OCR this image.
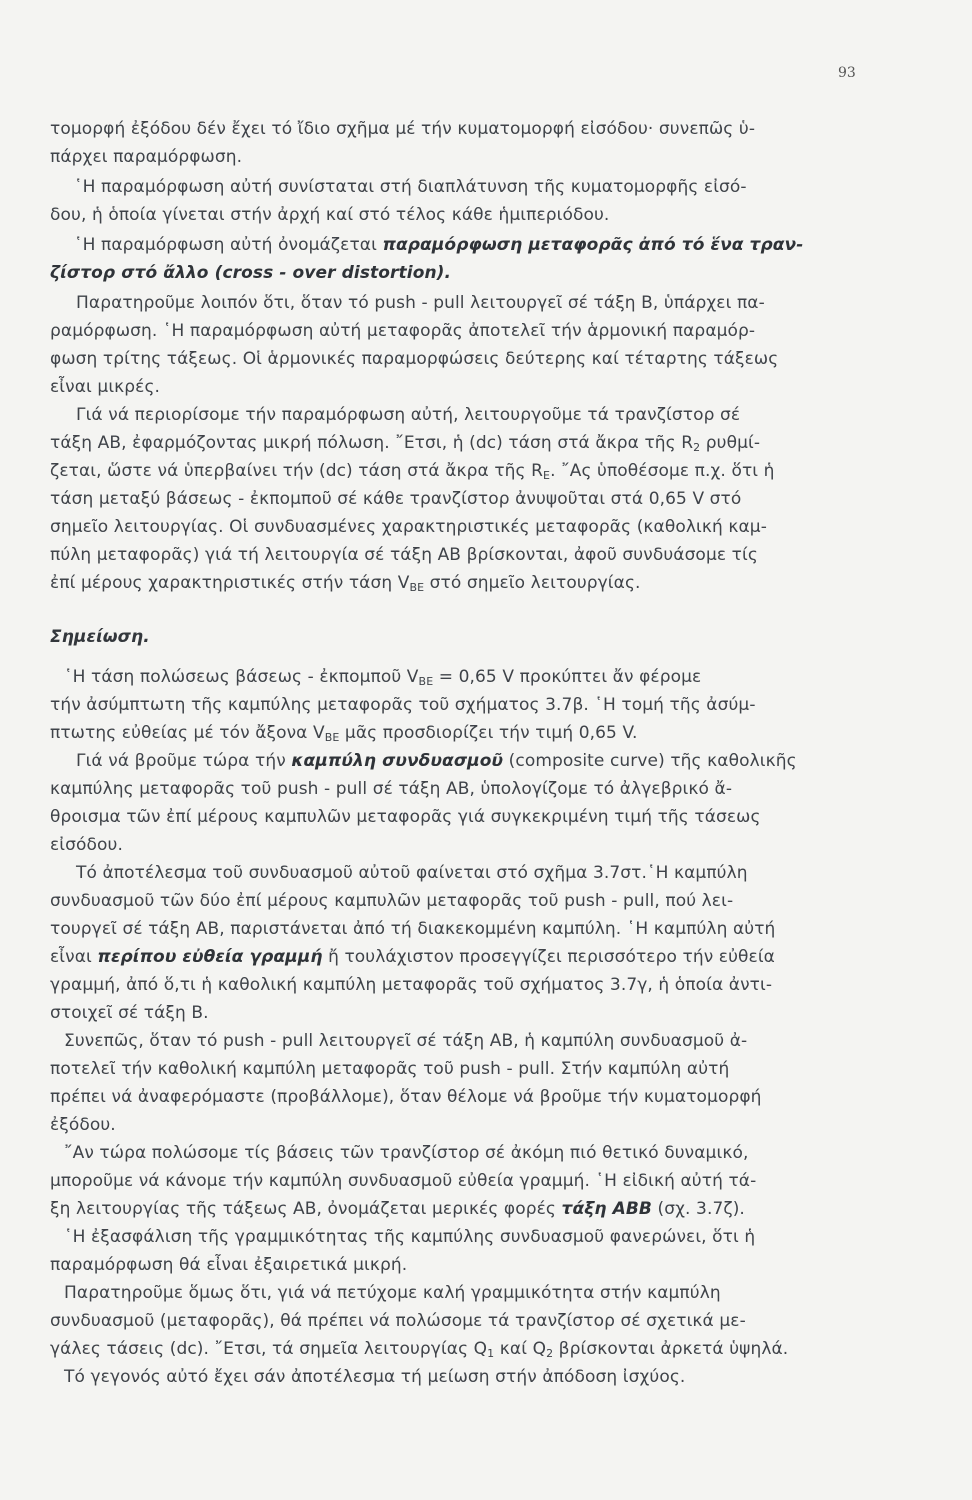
93

τομορφή ἐξόδου δέν ἔχει τό ἴδιο σχῆμα μέ τήν κυματομορφή εἰσόδου· συνεπῶς ὑ-

πάρχει παραμόρφωση.

῾Η παραμόρφωση αὐτή συνίσταται στή διαπλάτυνση τῆς κυματομορφῆς εἰσό-

δου, ἡ ὁποία γίνεται στήν ἀρχή καί στό τέλος κάθε ἡμιπεριόδου.

῾Η παραμόρφωση αὐτή ὀνομάζεται παραμόρφωση μεταφορᾶς ἀπό τό ἕνα τραν-

ζίστορ στό ἄλλο (cross - over distortion).

Παρατηροῦμε λοιπόν ὅτι, ὅταν τό push - pull λειτουργεῖ σέ τάξη Β, ὑπάρχει πα-

ραμόρφωση. ῾Η παραμόρφωση αὐτή μεταφορᾶς ἀποτελεῖ τήν ἁρμονική παραμόρ-

φωση τρίτης τάξεως. Οἱ ἁρμονικές παραμορφώσεις δεύτερης καί τέταρτης τάξεως

εἶναι μικρές.

Γιά νά περιορίσομε τήν παραμόρφωση αὐτή, λειτουργοῦμε τά τρανζίστορ σέ

τάξη ΑΒ, ἐφαρμόζοντας μικρή πόλωση. ῎Ετσι, ἡ (dc) τάση στά ἄκρα τῆς $R_2$ ρυθμί-

ζεται, ὥστε νά ὑπερβαίνει τήν (dc) τάση στά ἄκρα τῆς $R_E$. ῎Ας ὑποθέσομε π.χ. ὅτι ἡ

τάση μεταξύ βάσεως - ἐκπομποῦ σέ κάθε τρανζίστορ ἀνυψοῦται στά 0,65 V στό

σημεῖο λειτουργίας. Οἱ συνδυασμένες χαρακτηριστικές μεταφορᾶς (καθολική καμ-

πύλη μεταφορᾶς) γιά τή λειτουργία σέ τάξη ΑΒ βρίσκονται, ἀφοῦ συνδυάσομε τίς

ἐπί μέρους χαρακτηριστικές στήν τάση $V_{BE}$ στό σημεῖο λειτουργίας.

Σημείωση.

῾Η τάση πολώσεως βάσεως - ἐκπομποῦ $V_{BE} = 0,65$ V προκύπτει ἄν φέρομε

τήν ἀσύμπτωτη τῆς καμπύλης μεταφορᾶς τοῦ σχήματος 3.7β. ῾Η τομή τῆς ἀσύμ-

πτωτης εὐθείας μέ τόν ἄξονα $V_{BE}$ μᾶς προσδιορίζει τήν τιμή 0,65 V.

Γιά νά βροῦμε τώρα τήν καμπύλη συνδυασμοῦ (composite curve) τῆς καθολικῆς

καμπύλης μεταφορᾶς τοῦ push - pull σέ τάξη ΑΒ, ὑπολογίζομε τό ἀλγεβρικό ἄ-

θροισμα τῶν ἐπί μέρους καμπυλῶν μεταφορᾶς γιά συγκεκριμένη τιμή τῆς τάσεως

εἰσόδου.

Τό ἀποτέλεσμα τοῦ συνδυασμοῦ αὐτοῦ φαίνεται στό σχῆμα 3.7στ.῾Η καμπύλη

συνδυασμοῦ τῶν δύο ἐπί μέρους καμπυλῶν μεταφορᾶς τοῦ push - pull, πού λει-

τουργεῖ σέ τάξη ΑΒ, παριστάνεται ἀπό τή διακεκομμένη καμπύλη. ῾Η καμπύλη αὐτή

εἶναι περίπου εὐθεία γραμμή ἤ τουλάχιστον προσεγγίζει περισσότερο τήν εὐθεία

γραμμή, ἀπό ὅ,τι ἡ καθολική καμπύλη μεταφορᾶς τοῦ σχήματος 3.7γ, ἡ ὁποία ἀντι-

στοιχεῖ σέ τάξη Β.

Συνεπῶς, ὅταν τό push - pull λειτουργεῖ σέ τάξη ΑΒ, ἡ καμπύλη συνδυασμοῦ ἀ-

ποτελεῖ τήν καθολική καμπύλη μεταφορᾶς τοῦ push - pull. Στήν καμπύλη αὐτή

πρέπει νά ἀναφερόμαστε (προβάλλομε), ὅταν θέλομε νά βροῦμε τήν κυματομορφή

ἐξόδου.

῎Αν τώρα πολώσομε τίς βάσεις τῶν τρανζίστορ σέ ἀκόμη πιό θετικό δυναμικό,

μποροῦμε νά κάνομε τήν καμπύλη συνδυασμοῦ εὐθεία γραμμή. ῾Η εἰδική αὐτή τά-

ξη λειτουργίας τῆς τάξεως ΑΒ, ὀνομάζεται μερικές φορές τάξη ΑΒΒ (σχ. 3.7ζ).

῾Η ἐξασφάλιση τῆς γραμμικότητας τῆς καμπύλης συνδυασμοῦ φανερώνει, ὅτι ἡ

παραμόρφωση θά εἶναι ἐξαιρετικά μικρή.

Παρατηροῦμε ὅμως ὅτι, γιά νά πετύχομε καλή γραμμικότητα στήν καμπύλη

συνδυασμοῦ (μεταφορᾶς), θά πρέπει νά πολώσομε τά τρανζίστορ σέ σχετικά με-

γάλες τάσεις (dc). ῎Ετσι, τά σημεῖα λειτουργίας $Q_1$ καί $Q_2$ βρίσκονται ἀρκετά ὑψηλά.

Τό γεγονός αὐτό ἔχει σάν ἀποτέλεσμα τή μείωση στήν ἀπόδοση ἰσχύος.
